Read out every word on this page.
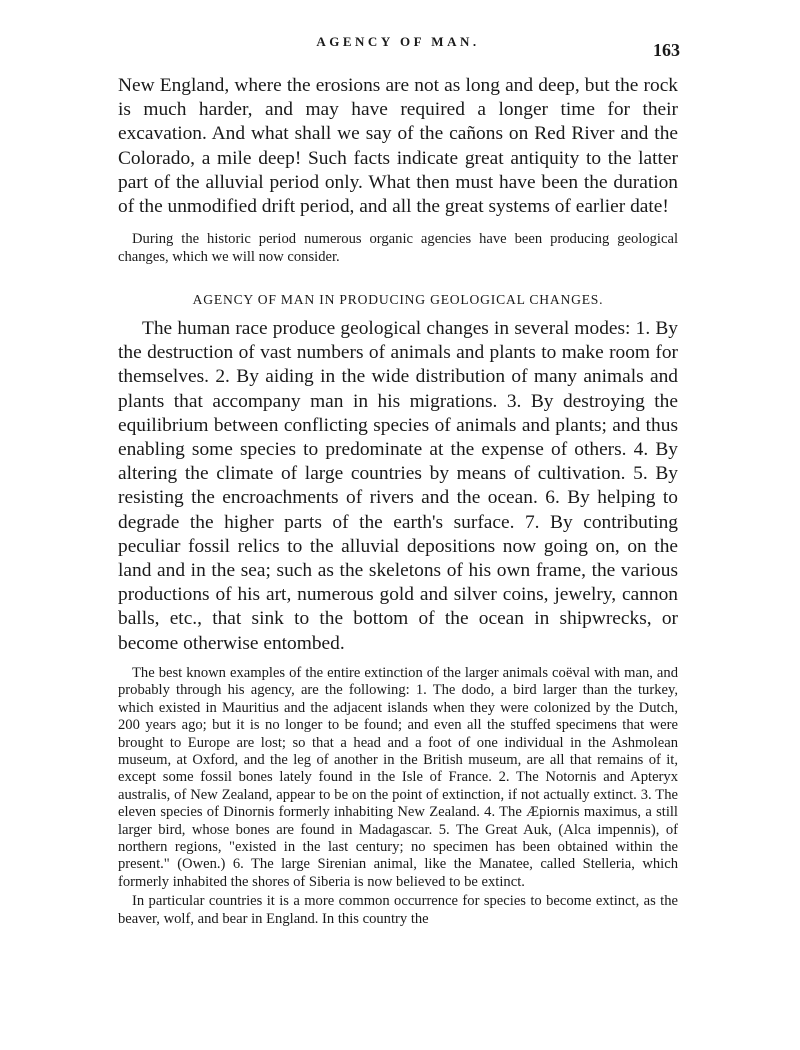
AGENCY OF MAN.	163

New England, where the erosions are not as long and deep, but the rock is much harder, and may have required a longer time for their excavation. And what shall we say of the cañons on Red River and the Colorado, a mile deep! Such facts indicate great antiquity to the latter part of the alluvial period only. What then must have been the duration of the unmodified drift period, and all the great systems of earlier date!

During the historic period numerous organic agencies have been producing geological changes, which we will now consider.

AGENCY OF MAN IN PRODUCING GEOLOGICAL CHANGES.

The human race produce geological changes in several modes: 1. By the destruction of vast numbers of animals and plants to make room for themselves. 2. By aiding in the wide distribution of many animals and plants that accompany man in his migrations. 3. By destroying the equilibrium between conflicting species of animals and plants; and thus enabling some species to predominate at the expense of others. 4. By altering the climate of large countries by means of cultivation. 5. By resisting the encroachments of rivers and the ocean. 6. By helping to degrade the higher parts of the earth's surface. 7. By contributing peculiar fossil relics to the alluvial depositions now going on, on the land and in the sea; such as the skeletons of his own frame, the various productions of his art, numerous gold and silver coins, jewelry, cannon balls, etc., that sink to the bottom of the ocean in shipwrecks, or become otherwise entombed.

The best known examples of the entire extinction of the larger animals coëval with man, and probably through his agency, are the following: 1. The dodo, a bird larger than the turkey, which existed in Mauritius and the adjacent islands when they were colonized by the Dutch, 200 years ago; but it is no longer to be found; and even all the stuffed specimens that were brought to Europe are lost; so that a head and a foot of one individual in the Ashmolean museum, at Oxford, and the leg of another in the British museum, are all that remains of it, except some fossil bones lately found in the Isle of France. 2. The Notornis and Apteryx australis, of New Zealand, appear to be on the point of extinction, if not actually extinct. 3. The eleven species of Dinornis formerly inhabiting New Zealand. 4. The Æpiornis maximus, a still larger bird, whose bones are found in Madagascar. 5. The Great Auk, (Alca impennis), of northern regions, "existed in the last century; no specimen has been obtained within the present." (Owen.) 6. The large Sirenian animal, like the Manatee, called Stelleria, which formerly inhabited the shores of Siberia is now believed to be extinct.

In particular countries it is a more common occurrence for species to become extinct, as the beaver, wolf, and bear in England. In this country the
